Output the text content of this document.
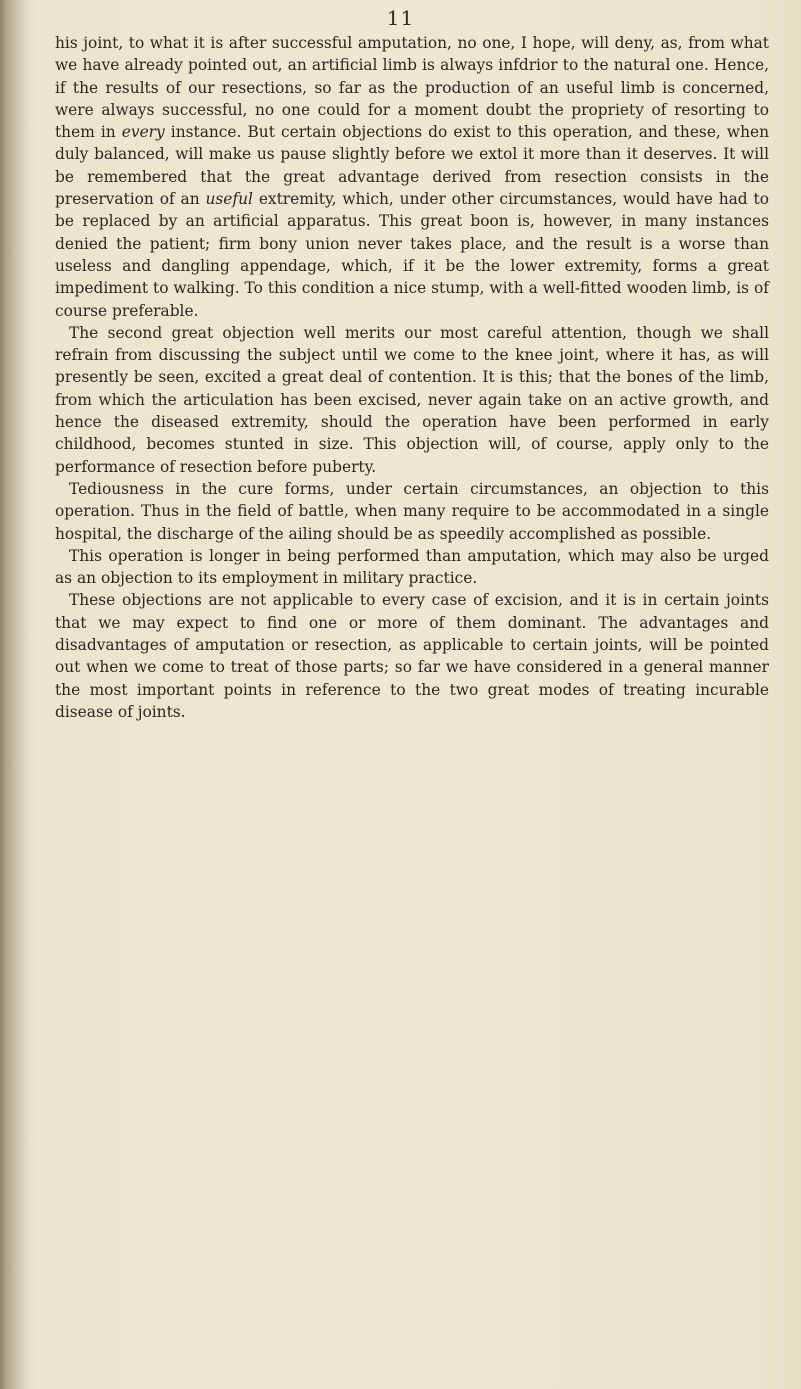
11

his joint, to what it is after successful amputation, no one, I hope, will deny, as, from what we have already pointed out, an artificial limb is always infdrior to the natural one. Hence, if the results of our resections, so far as the production of an useful limb is concerned, were always successful, no one could for a moment doubt the propriety of resorting to them in every instance. But certain objections do exist to this operation, and these, when duly balanced, will make us pause slightly before we extol it more than it deserves. It will be remembered that the great advantage derived from resection consists in the preservation of an useful extremity, which, under other circumstances, would have had to be replaced by an artificial apparatus. This great boon is, however, in many instances denied the patient; firm bony union never takes place, and the result is a worse than useless and dangling appendage, which, if it be the lower extremity, forms a great impediment to walking. To this condition a nice stump, with a well-fitted wooden limb, is of course preferable.

The second great objection well merits our most careful attention, though we shall refrain from discussing the subject until we come to the knee joint, where it has, as will presently be seen, excited a great deal of contention. It is this; that the bones of the limb, from which the articulation has been excised, never again take on an active growth, and hence the diseased extremity, should the operation have been performed in early childhood, becomes stunted in size. This objection will, of course, apply only to the performance of resection before puberty.

Tediousness in the cure forms, under certain circumstances, an objection to this operation. Thus in the field of battle, when many require to be accommodated in a single hospital, the discharge of the ailing should be as speedily accomplished as possible.

This operation is longer in being performed than amputation, which may also be urged as an objection to its employment in military practice.

These objections are not applicable to every case of excision, and it is in certain joints that we may expect to find one or more of them dominant. The advantages and disadvantages of amputation or resection, as applicable to certain joints, will be pointed out when we come to treat of those parts; so far we have considered in a general manner the most important points in reference to the two great modes of treating incurable disease of joints.
